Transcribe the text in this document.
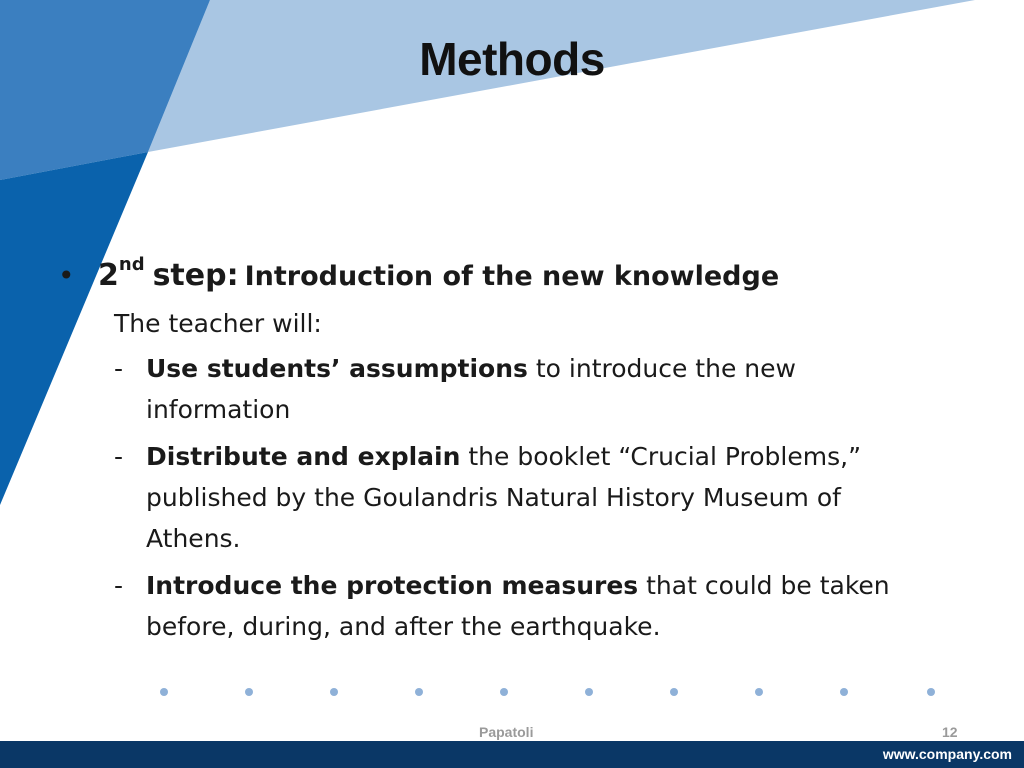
Methods
• 2nd step: Introduction of the new knowledge
The teacher will:
- Use students’ assumptions to introduce the new information
- Distribute and explain the booklet “Crucial Problems,” published by the Goulandris Natural History Museum of Athens.
- Introduce the protection measures that could be taken before, during, and after the earthquake.
Papatoli	12
www.company.com
